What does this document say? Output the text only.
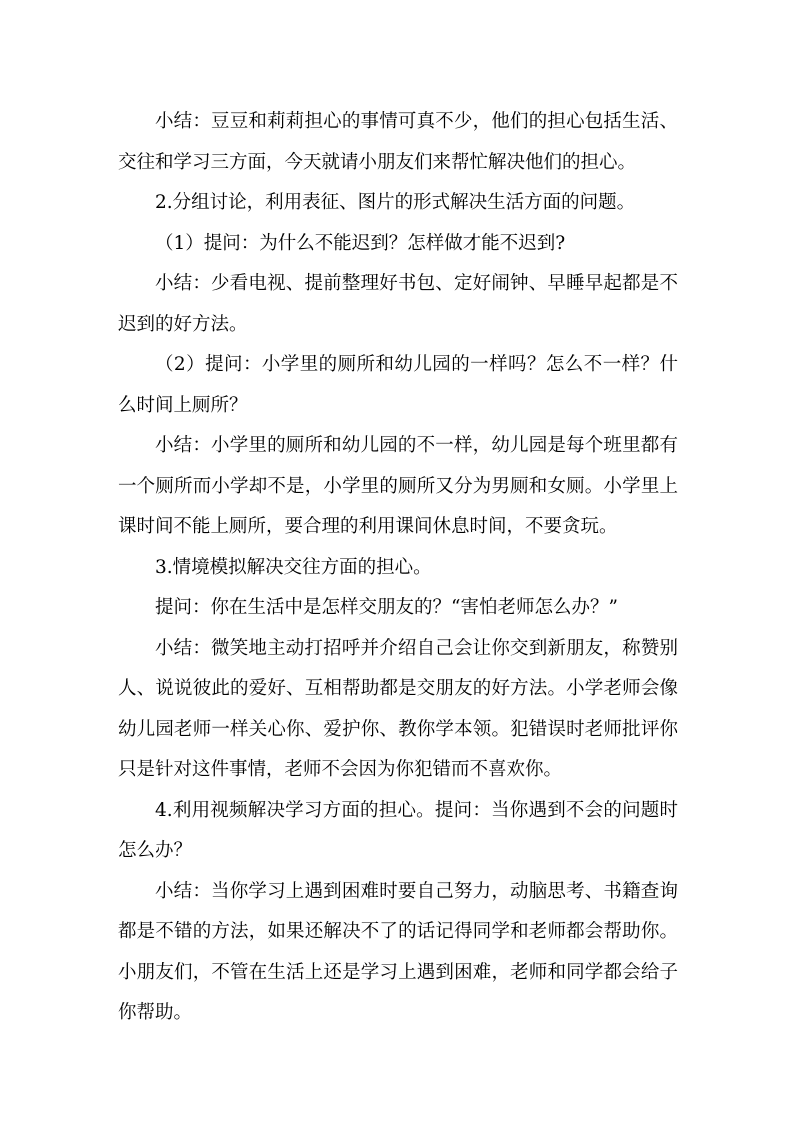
小结：豆豆和莉莉担心的事情可真不少，他们的担心包括生活、交往和学习三方面，今天就请小朋友们来帮忙解决他们的担心。

2.分组讨论，利用表征、图片的形式解决生活方面的问题。

（1）提问：为什么不能迟到？怎样做才能不迟到?

小结：少看电视、提前整理好书包、定好闹钟、早睡早起都是不迟到的好方法。

（2）提问：小学里的厕所和幼儿园的一样吗？怎么不一样？什么时间上厕所？

小结：小学里的厕所和幼儿园的不一样，幼儿园是每个班里都有一个厕所而小学却不是，小学里的厕所又分为男厕和女厕。小学里上课时间不能上厕所，要合理的利用课间休息时间，不要贪玩。

3.情境模拟解决交往方面的担心。

提问：你在生活中是怎样交朋友的？“害怕老师怎么办？”

小结：微笑地主动打招呼并介绍自己会让你交到新朋友，称赞别人、说说彼此的爱好、互相帮助都是交朋友的好方法。小学老师会像幼儿园老师一样关心你、爱护你、教你学本领。犯错误时老师批评你只是针对这件事情，老师不会因为你犯错而不喜欢你。

4.利用视频解决学习方面的担心。提问：当你遇到不会的问题时怎么办？

小结：当你学习上遇到困难时要自己努力，动脑思考、书籍查询都是不错的方法，如果还解决不了的话记得同学和老师都会帮助你。小朋友们，不管在生活上还是学习上遇到困难，老师和同学都会给子你帮助。
